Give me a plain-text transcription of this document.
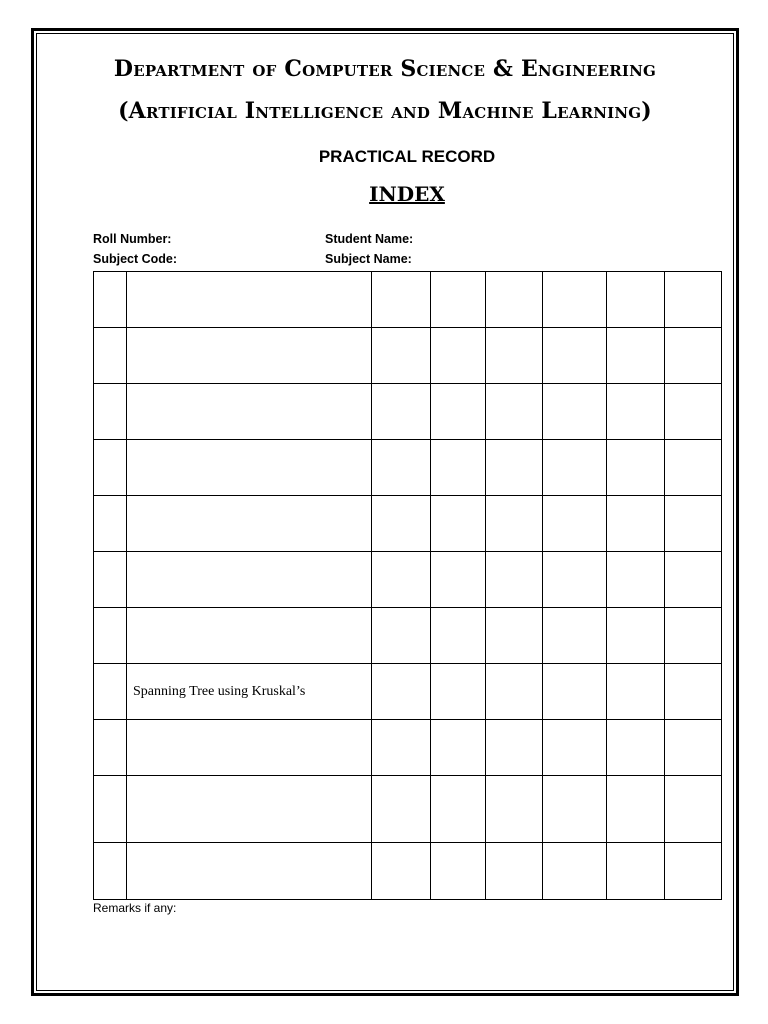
Department of Computer Science & Engineering
(Artificial Intelligence and Machine Learning)
PRACTICAL RECORD
INDEX
Roll Number:	Student Name:
Subject Code:	Subject Name:

	Spanning Tree using Kruskal’s						

Remarks if any:
